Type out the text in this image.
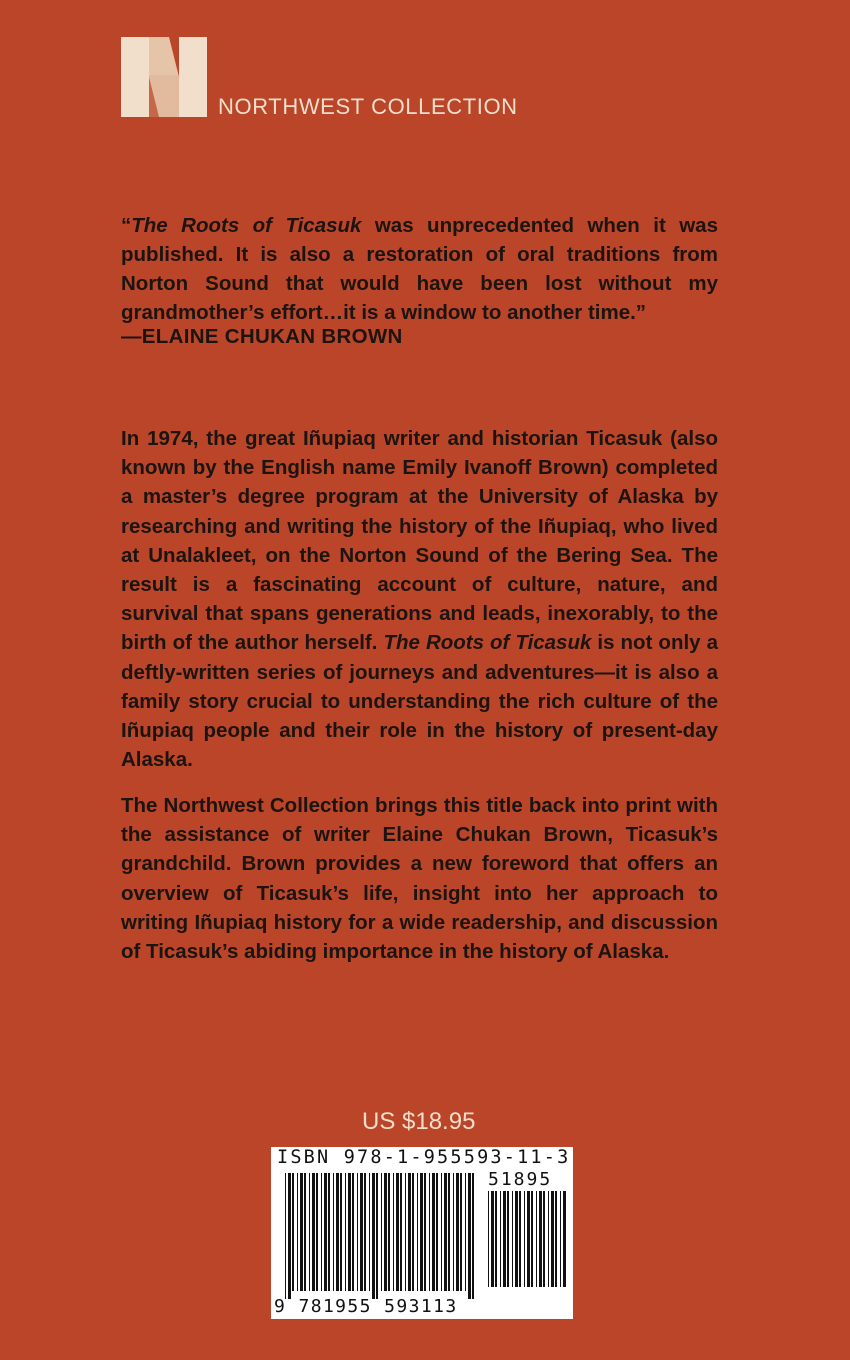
NORTHWEST COLLECTION

“The Roots of Ticasuk was unprecedented when it was published. It is also a restoration of oral traditions from Norton Sound that would have been lost without my grandmother’s effort…it is a window to another time.”

—ELAINE CHUKAN BROWN

In 1974, the great Iñupiaq writer and historian Ticasuk (also known by the English name Emily Ivanoff Brown) completed a master’s degree program at the University of Alaska by researching and writing the history of the Iñupiaq, who lived at Unalakleet, on the Norton Sound of the Bering Sea. The result is a fascinating account of culture, nature, and survival that spans generations and leads, inexorably, to the birth of the author herself. The Roots of Ticasuk is not only a deftly-written series of journeys and adventures—it is also a family story crucial to understanding the rich culture of the Iñupiaq people and their role in the history of present-day Alaska.

The Northwest Collection brings this title back into print with the assistance of writer Elaine Chukan Brown, Ticasuk’s grandchild. Brown provides a new foreword that offers an overview of Ticasuk’s life, insight into her approach to writing Iñupiaq history for a wide readership, and discussion of Ticasuk’s abiding importance in the history of Alaska.

US $18.95
ISBN 978-1-955593-11-3
51895
9 781955 593113
